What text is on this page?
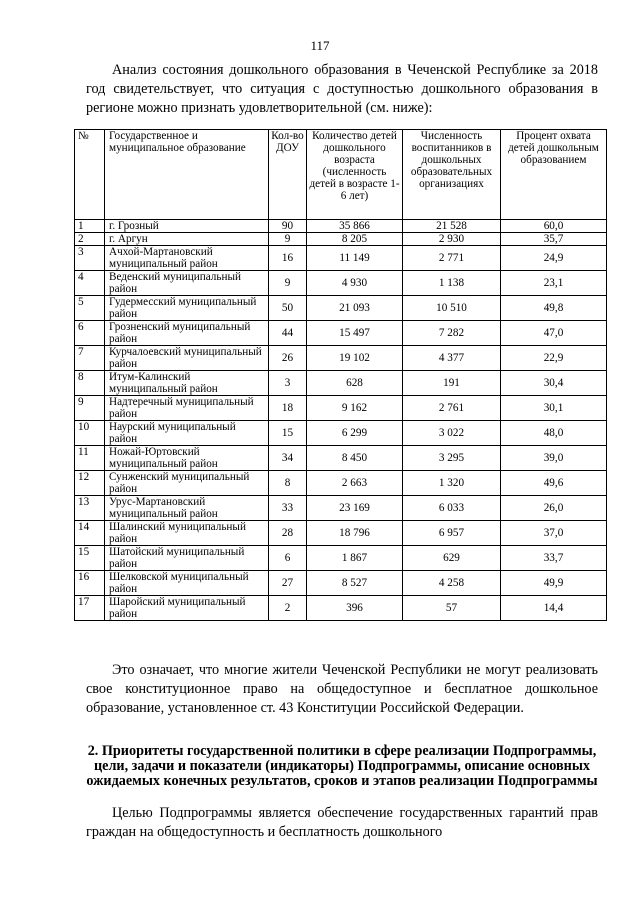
117

Анализ состояния дошкольного образования в Чеченской Республике за 2018 год свидетельствует, что ситуация с доступностью дошкольного образования в регионе можно признать удовлетворительной (см. ниже):

№	Государственное и муниципальное образование	Кол-во ДОУ	Количество детей дошкольного возраста (численность детей в возрасте 1-6 лет)	Численность воспитанников в дошкольных образовательных организациях	Процент охвата детей дошкольным образованием
1	г. Грозный	90	35 866	21 528	60,0
2	г. Аргун	9	8 205	2 930	35,7
3	Ачхой-Мартановский муниципальный район	16	11 149	2 771	24,9
4	Веденский муниципальный район	9	4 930	1 138	23,1
5	Гудермесский муниципальный район	50	21 093	10 510	49,8
6	Грозненский муниципальный район	44	15 497	7 282	47,0
7	Курчалоевский муниципальный район	26	19 102	4 377	22,9
8	Итум-Калинский муниципальный район	3	628	191	30,4
9	Надтеречный муниципальный район	18	9 162	2 761	30,1
10	Наурский муниципальный район	15	6 299	3 022	48,0
11	Ножай-Юртовский муниципальный район	34	8 450	3 295	39,0
12	Сунженский муниципальный район	8	2 663	1 320	49,6
13	Урус-Мартановский муниципальный район	33	23 169	6 033	26,0
14	Шалинский муниципальный район	28	18 796	6 957	37,0
15	Шатойский муниципальный район	6	1 867	629	33,7
16	Шелковской муниципальный район	27	8 527	4 258	49,9
17	Шаройский муниципальный район	2	396	57	14,4

Это означает, что многие жители Чеченской Республики не могут реализовать свое конституционное право на общедоступное и бесплатное дошкольное образование, установленное ст. 43 Конституции Российской Федерации.

2. Приоритеты государственной политики в сфере реализации Подпрограммы, цели, задачи и показатели (индикаторы) Подпрограммы, описание основных ожидаемых конечных результатов, сроков и этапов реализации Подпрограммы

Целью Подпрограммы является обеспечение государственных гарантий прав граждан на общедоступность и бесплатность дошкольного
